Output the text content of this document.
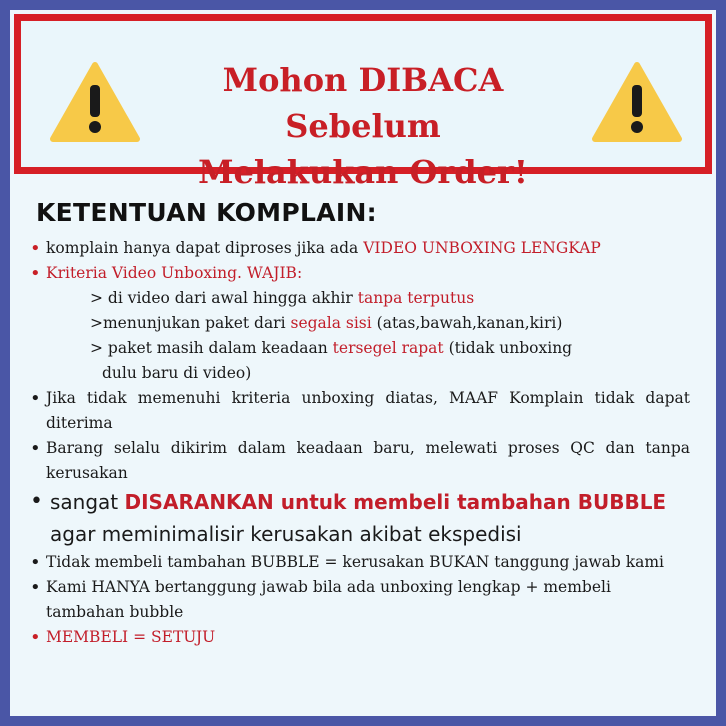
Mohon DIBACA Sebelum
Melakukan Order!
KETENTUAN KOMPLAIN:
• komplain hanya dapat diproses jika ada VIDEO UNBOXING LENGKAP
• Kriteria Video Unboxing. WAJIB:
> di video dari awal hingga akhir tanpa terputus
>menunjukan paket dari segala sisi (atas,bawah,kanan,kiri)
> paket masih dalam keadaan tersegel rapat (tidak unboxing
dulu baru di video)
• Jika tidak memenuhi kriteria unboxing diatas, MAAF Komplain tidak dapat diterima
• Barang selalu dikirim dalam keadaan baru, melewati proses QC dan tanpa kerusakan
• sangat DISARANKAN untuk membeli tambahan BUBBLE
agar meminimalisir kerusakan akibat ekspedisi
• Tidak membeli tambahan BUBBLE = kerusakan BUKAN tanggung jawab kami
• Kami HANYA bertanggung jawab bila ada unboxing lengkap + membeli tambahan bubble
• MEMBELI = SETUJU
